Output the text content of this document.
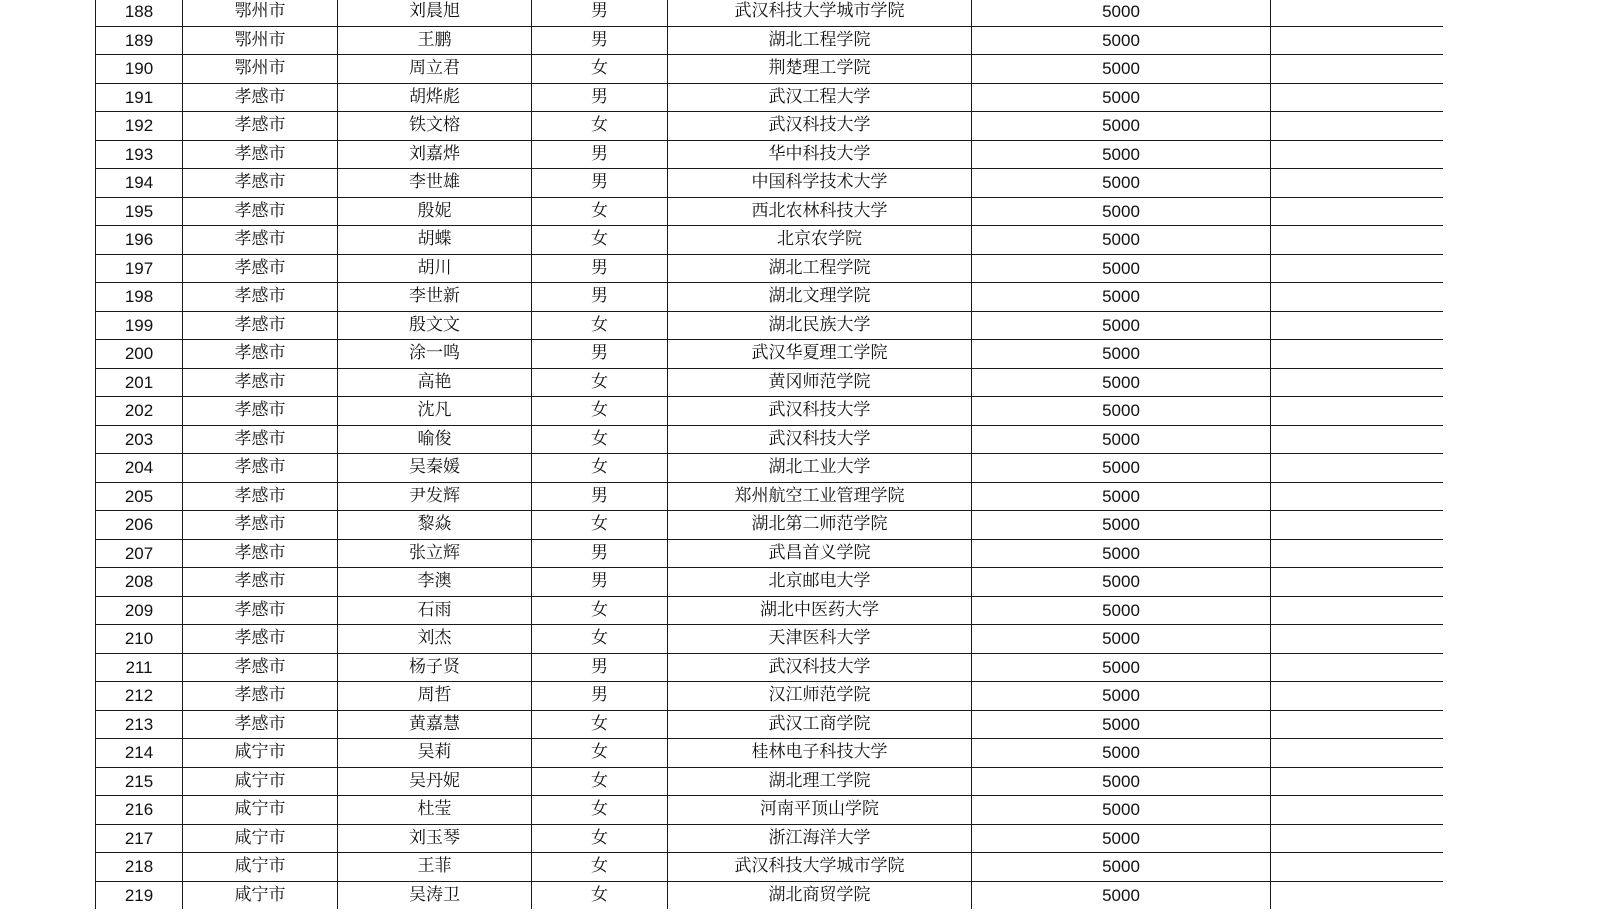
188	鄂州市	刘晨旭	男	武汉科技大学城市学院	5000	
189	鄂州市	王鹏	男	湖北工程学院	5000	
190	鄂州市	周立君	女	荆楚理工学院	5000	
191	孝感市	胡烨彪	男	武汉工程大学	5000	
192	孝感市	铁文榕	女	武汉科技大学	5000	
193	孝感市	刘嘉烨	男	华中科技大学	5000	
194	孝感市	李世雄	男	中国科学技术大学	5000	
195	孝感市	殷妮	女	西北农林科技大学	5000	
196	孝感市	胡蝶	女	北京农学院	5000	
197	孝感市	胡川	男	湖北工程学院	5000	
198	孝感市	李世新	男	湖北文理学院	5000	
199	孝感市	殷文文	女	湖北民族大学	5000	
200	孝感市	涂一鸣	男	武汉华夏理工学院	5000	
201	孝感市	高艳	女	黄冈师范学院	5000	
202	孝感市	沈凡	女	武汉科技大学	5000	
203	孝感市	喻俊	女	武汉科技大学	5000	
204	孝感市	吴秦媛	女	湖北工业大学	5000	
205	孝感市	尹发辉	男	郑州航空工业管理学院	5000	
206	孝感市	黎焱	女	湖北第二师范学院	5000	
207	孝感市	张立辉	男	武昌首义学院	5000	
208	孝感市	李澳	男	北京邮电大学	5000	
209	孝感市	石雨	女	湖北中医药大学	5000	
210	孝感市	刘杰	女	天津医科大学	5000	
211	孝感市	杨子贤	男	武汉科技大学	5000	
212	孝感市	周哲	男	汉江师范学院	5000	
213	孝感市	黄嘉慧	女	武汉工商学院	5000	
214	咸宁市	吴莉	女	桂林电子科技大学	5000	
215	咸宁市	吴丹妮	女	湖北理工学院	5000	
216	咸宁市	杜莹	女	河南平顶山学院	5000	
217	咸宁市	刘玉琴	女	浙江海洋大学	5000	
218	咸宁市	王菲	女	武汉科技大学城市学院	5000	
219	咸宁市	吴涛卫	女	湖北商贸学院	5000	
